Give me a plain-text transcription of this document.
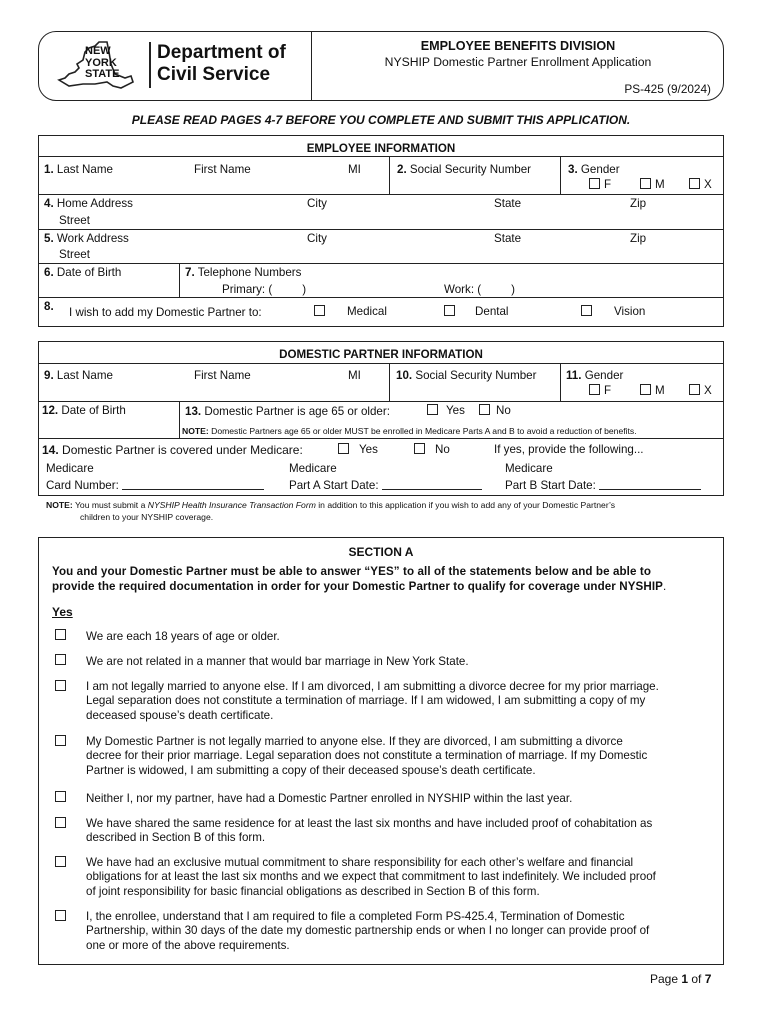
NEW
YORK
STATE
Department of
Civil Service
EMPLOYEE BENEFITS DIVISION
NYSHIP Domestic Partner Enrollment Application
PS-425 (9/2024)
PLEASE READ PAGES 4-7 BEFORE YOU COMPLETE AND SUBMIT THIS APPLICATION.
EMPLOYEE INFORMATION
1. Last Name	First Name	MI	2. Social Security Number	3. Gender
F	M	X
4. Home Address
Street
City	State	Zip
5. Work Address
Street
City	State	Zip
6. Date of Birth	7. Telephone Numbers
Primary: (	)	Work: (	)
8. I wish to add my Domestic Partner to:	Medical	Dental	Vision
DOMESTIC PARTNER INFORMATION
9. Last Name	First Name	MI	10. Social Security Number	11. Gender
F	M	X
12. Date of Birth	13. Domestic Partner is age 65 or older:	Yes	No
NOTE: Domestic Partners age 65 or older MUST be enrolled in Medicare Parts A and B to avoid a reduction of benefits.
14. Domestic Partner is covered under Medicare:	Yes	No	If yes, provide the following...
Medicare
Card Number:
Medicare
Part A Start Date:
Medicare
Part B Start Date:
NOTE: You must submit a NYSHIP Health Insurance Transaction Form in addition to this application if you wish to add any of your Domestic Partner’s
children to your NYSHIP coverage.
SECTION A
You and your Domestic Partner must be able to answer “YES” to all of the statements below and be able to
provide the required documentation in order for your Domestic Partner to qualify for coverage under NYSHIP.
Yes
We are each 18 years of age or older.
We are not related in a manner that would bar marriage in New York State.
I am not legally married to anyone else. If I am divorced, I am submitting a divorce decree for my prior marriage.
Legal separation does not constitute a termination of marriage. If I am widowed, I am submitting a copy of my
deceased spouse’s death certificate.
My Domestic Partner is not legally married to anyone else. If they are divorced, I am submitting a divorce
decree for their prior marriage. Legal separation does not constitute a termination of marriage. If my Domestic
Partner is widowed, I am submitting a copy of their deceased spouse’s death certificate.
Neither I, nor my partner, have had a Domestic Partner enrolled in NYSHIP within the last year.
We have shared the same residence for at least the last six months and have included proof of cohabitation as
described in Section B of this form.
We have had an exclusive mutual commitment to share responsibility for each other’s welfare and financial
obligations for at least the last six months and we expect that commitment to last indefinitely. We included proof
of joint responsibility for basic financial obligations as described in Section B of this form.
I, the enrollee, understand that I am required to file a completed Form PS-425.4, Termination of Domestic
Partnership, within 30 days of the date my domestic partnership ends or when I no longer can provide proof of
one or more of the above requirements.
Page 1 of 7
